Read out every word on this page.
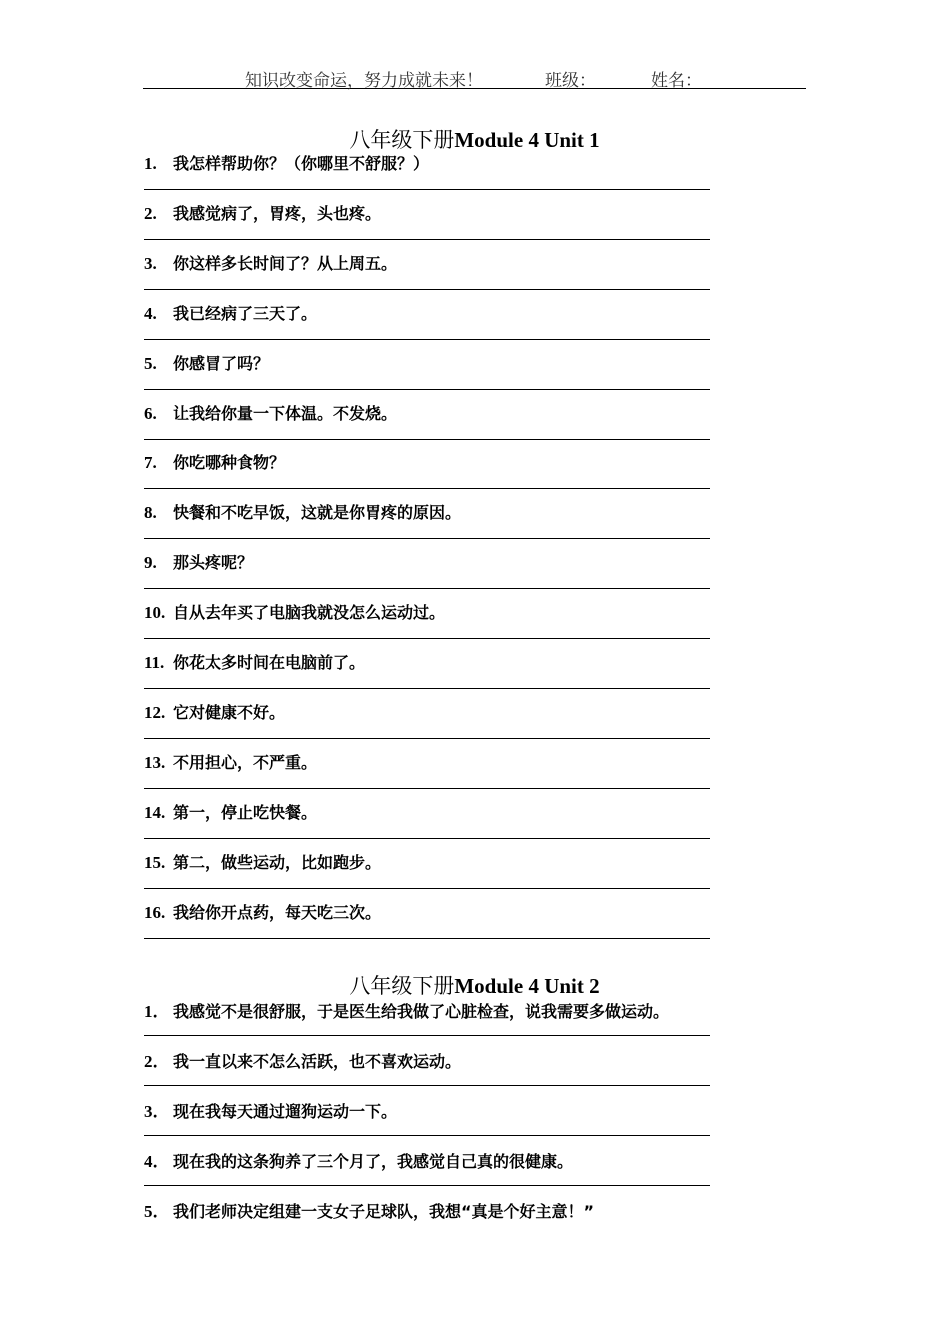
知识改变命运，努力成就未来！	班级：	姓名：
八年级下册Module 4 Unit 1
1. 我怎样帮助你？（你哪里不舒服？）
2. 我感觉病了，胃疼，头也疼。
3. 你这样多长时间了？从上周五。
4. 我已经病了三天了。
5. 你感冒了吗？
6. 让我给你量一下体温。不发烧。
7. 你吃哪种食物？
8. 快餐和不吃早饭，这就是你胃疼的原因。
9. 那头疼呢？
10. 自从去年买了电脑我就没怎么运动过。
11. 你花太多时间在电脑前了。
12. 它对健康不好。
13. 不用担心，不严重。
14. 第一，停止吃快餐。
15. 第二，做些运动，比如跑步。
16. 我给你开点药，每天吃三次。
八年级下册Module 4 Unit 2
1． 我感觉不是很舒服，于是医生给我做了心脏检查，说我需要多做运动。
2． 我一直以来不怎么活跃，也不喜欢运动。
3． 现在我每天通过遛狗运动一下。
4． 现在我的这条狗养了三个月了，我感觉自己真的很健康。
5． 我们老师决定组建一支女子足球队，我想“真是个好主意！”
